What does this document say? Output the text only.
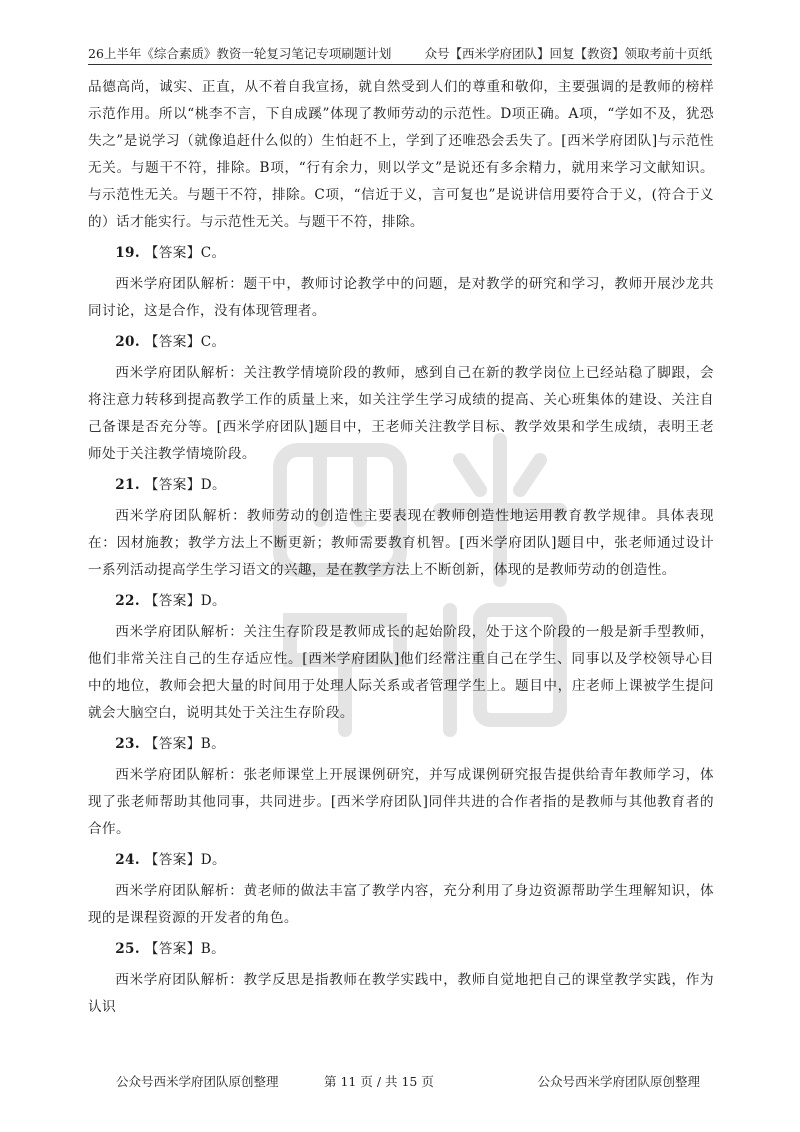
26上半年《综合素质》教资一轮复习笔记专项刷题计划	众号【西米学府团队】回复【教资】领取考前十页纸

品德高尚，诚实、正直，从不着自我宣扬，就自然受到人们的尊重和敬仰，主要强调的是教师的榜样示范作用。所以“桃李不言，下自成蹊”体现了教师劳动的示范性。D项正确。A项，“学如不及，犹恐失之”是说学习（就像追赶什么似的）生怕赶不上，学到了还唯恐会丢失了。[西米学府团队]与示范性无关。与题干不符，排除。B项，“行有余力，则以学文”是说还有多余精力，就用来学习文献知识。与示范性无关。与题干不符，排除。C项，“信近于义，言可复也”是说讲信用要符合于义，(符合于义的）话才能实行。与示范性无关。与题干不符，排除。

19. 【答案】C。

西米学府团队解析：题干中，教师讨论教学中的问题，是对教学的研究和学习，教师开展沙龙共同讨论，这是合作，没有体现管理者。

20. 【答案】C。

西米学府团队解析：关注教学情境阶段的教师，感到自己在新的教学岗位上已经站稳了脚跟，会将注意力转移到提高教学工作的质量上来，如关注学生学习成绩的提高、关心班集体的建设、关注自己备课是否充分等。[西米学府团队]题目中，王老师关注教学目标、教学效果和学生成绩，表明王老师处于关注教学情境阶段。

21. 【答案】D。

西米学府团队解析：教师劳动的创造性主要表现在教师创造性地运用教育教学规律。具体表现在：因材施教；教学方法上不断更新；教师需要教育机智。[西米学府团队]题目中，张老师通过设计一系列活动提高学生学习语文的兴趣，是在教学方法上不断创新，体现的是教师劳动的创造性。

22. 【答案】D。

西米学府团队解析：关注生存阶段是教师成长的起始阶段，处于这个阶段的一般是新手型教师，他们非常关注自己的生存适应性。[西米学府团队]他们经常注重自己在学生、同事以及学校领导心目中的地位，教师会把大量的时间用于处理人际关系或者管理学生上。题目中，庄老师上课被学生提问就会大脑空白，说明其处于关注生存阶段。

23. 【答案】B。

西米学府团队解析：张老师课堂上开展课例研究，并写成课例研究报告提供给青年教师学习，体现了张老师帮助其他同事，共同进步。[西米学府团队]同伴共进的合作者指的是教师与其他教育者的合作。

24. 【答案】D。

西米学府团队解析：黄老师的做法丰富了教学内容，充分利用了身边资源帮助学生理解知识，体现的是课程资源的开发者的角色。

25. 【答案】B。

西米学府团队解析：教学反思是指教师在教学实践中，教师自觉地把自己的课堂教学实践，作为认识

公众号西米学府团队原创整理	第 11 页 / 共 15 页	公众号西米学府团队原创整理
